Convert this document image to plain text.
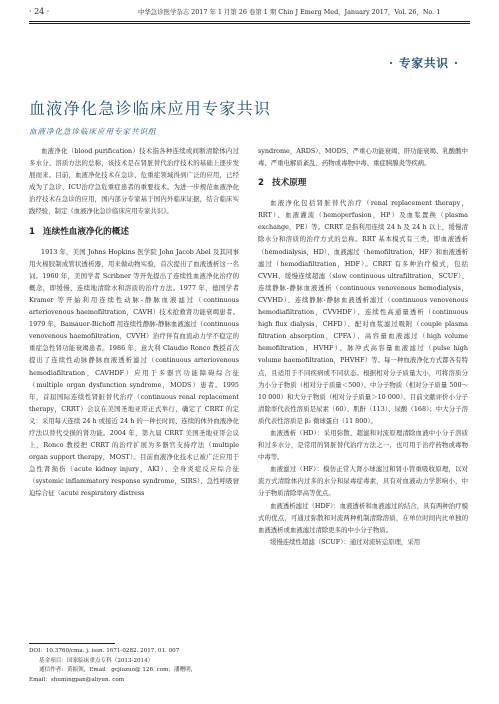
· 24 ·	中华急诊医学杂志 2017 年 1 月第 26 卷第 1 期 Chin J Emerg Med，January 2017，Vol. 26，No. 1
· 专家共识 ·
血液净化急诊临床应用专家共识
血液净化急诊临床应用专家共识组

血液净化（blood purification）技术指各种连续或间断清除体内过多水分、溶质方法的总称，该技术是在肾脏替代治疗技术的基础上逐步发展而来。目前，血液净化技术在急诊、危重症领域得到广泛的应用，已经成为了急诊、ICU治疗急危重症患者的重要技术。为进一步规范血液净化治疗技术在急诊的应用，国内部分专家基于国内外临床证据，结合临床实践经验，制定《血液净化急诊临床应用专家共识》。

1 连续性血液净化的概述

1913 年，美国 Johns Hopkins 医学院 John Jacob Abel 及其同事用火棉胶制成管状透析器，用来做动物实验，首次提出了血液透析这一名词。1960 年，美国学者 Scribner 等开先提出了连续性血液净化治疗的概念，即缓慢、连续地清除水和溶质的治疗方法。1977 年，德国学者 Kramer 等开始利用连续性动脉-静脉血液滤过（continuous arteriovenous haemofiltration，CAVH）技术抢救肾功能衰竭患者。1979 年，Bamauer-Bichoff 用连续性静脉-静脉血液滤过（continuous venovenous haemofiltration，CVVH）治疗伴有血流动力学不稳定的重症急性肾功能衰竭患者。1986 年，意大利 Claudio Ronco 教授首次提出了连续性动脉静脉血液透析滤过（continuous arteriovenous hemodiafiltration，CAVHDF）应用于多器官功能障碍综合征（multiple organ dysfunction syndrome，MODS）患者。1995 年，首届国际连续性肾脏替代治疗（continuous renal replacement therapy，CRRT）会议在美国圣地亚哥正式举行，确定了 CRRT 的定义：采用每天连续 24 h 或接近 24 h 的一种长时间、连续的体外血液净化疗法以替代受损的肾功能。2004 年，第九届 CRRT 美国圣地亚哥会议上，Ronco 教授把 CRRT 的治疗扩展为多器官支持疗法（multiple organ support therapy，MOST）。目前血液净化技术已被广泛应用于急性肾损伤（acute kidney injury，AKI）、全身炎症反应综合征（systemic inflammatory response syndrome，SIRS）、急性呼吸窘迫综合征（acute respiratory distress

syndrome，ARDS）、MODS、严重心功能衰竭、肝功能衰竭、乳酸酸中毒、严重电解质紊乱、药物或毒物中毒、重症胰腺炎等疾病。

2 技术原理

血液净化包括肾脏替代治疗（renal replacement therapy，RRT）、血液灌流（hemoperfusion，HP）及血浆置换（plasma exchange，PE）等。CRRT 是指利用连续 24 h 及 24 h 以上，缓慢清除水分和溶质的治疗方式的总称。RRT 基本模式有三类，即血液透析（hemodialysis，HD）、血液滤过（hemofiltration，HF）和血液透析滤过（hemodiafiltration，HDF）。CRRT 有多种治疗模式，包括CVVH、缓慢连续超滤（slow continuous ultrafiltration，SCUF）、连续静脉-静脉血液透析（continuous venovenous hemodialysis，CVVHD）、连续静脉-静脉血液透析滤过（continuous venovenous hemodiafiltration，CVVHDF）、连续性高通量透析（continuous high flux dialysis，CHFD）、配对血浆滤过吸附（couple plasma filtration absorption，CPFA）、高容量血液滤过（high volume hemofiltration，HVHF）、脉冲式高容量血液滤过（pulse high volume haemofiltration，PHVHF）等。每一种血液净化方式都各有特点，且适用于不同疾病或不同状态。根据相对分子质量大小，可将溶质分为小分子物质（相对分子质量＜500）、中分子物质（相对分子质量 500～10 000）和大分子物质（相对分子质量＞10 000）。目前文献评价小分子清除率代表性溶质是尿素（60）、肌酐（113）、尿酸（168）；中大分子溶质代表性溶质是 β₂ 微球蛋白（11 800）。

血液透析（HD）：采用弥散、超滤和对流原理清除血液中小分子溶质和过多水分，是常用的肾脏替代治疗方法之一，也可用于治疗药物或毒物中毒等。

血液滤过（HF）：模仿正常人肾小球滤过和肾小管重吸收原理，以对流方式清除体内过多的水分和尿毒症毒素，具有对血液动力学影响小，中分子物质清除率高等优点。

血液透析滤过（HDF）：血液透析和血液滤过的结合，具有两种治疗模式的优点，可通过弥散和对流两种机制清除溶质，在单位时间内比单独的血液透析或血液滤过清除更多的中小分子物质。

缓慢连续性超滤（SCUF）：通过对流转运原理，采用

DOI：10.3760/cma. j. issn. 1671-0282. 2017. 01. 007
基金项目：国家临床重点专科（2013-2014）
通信作者：黄振领，Email：gcjiuzuo@ 126. com；潘曙明，
Email：shumingpan@aliyun. com
